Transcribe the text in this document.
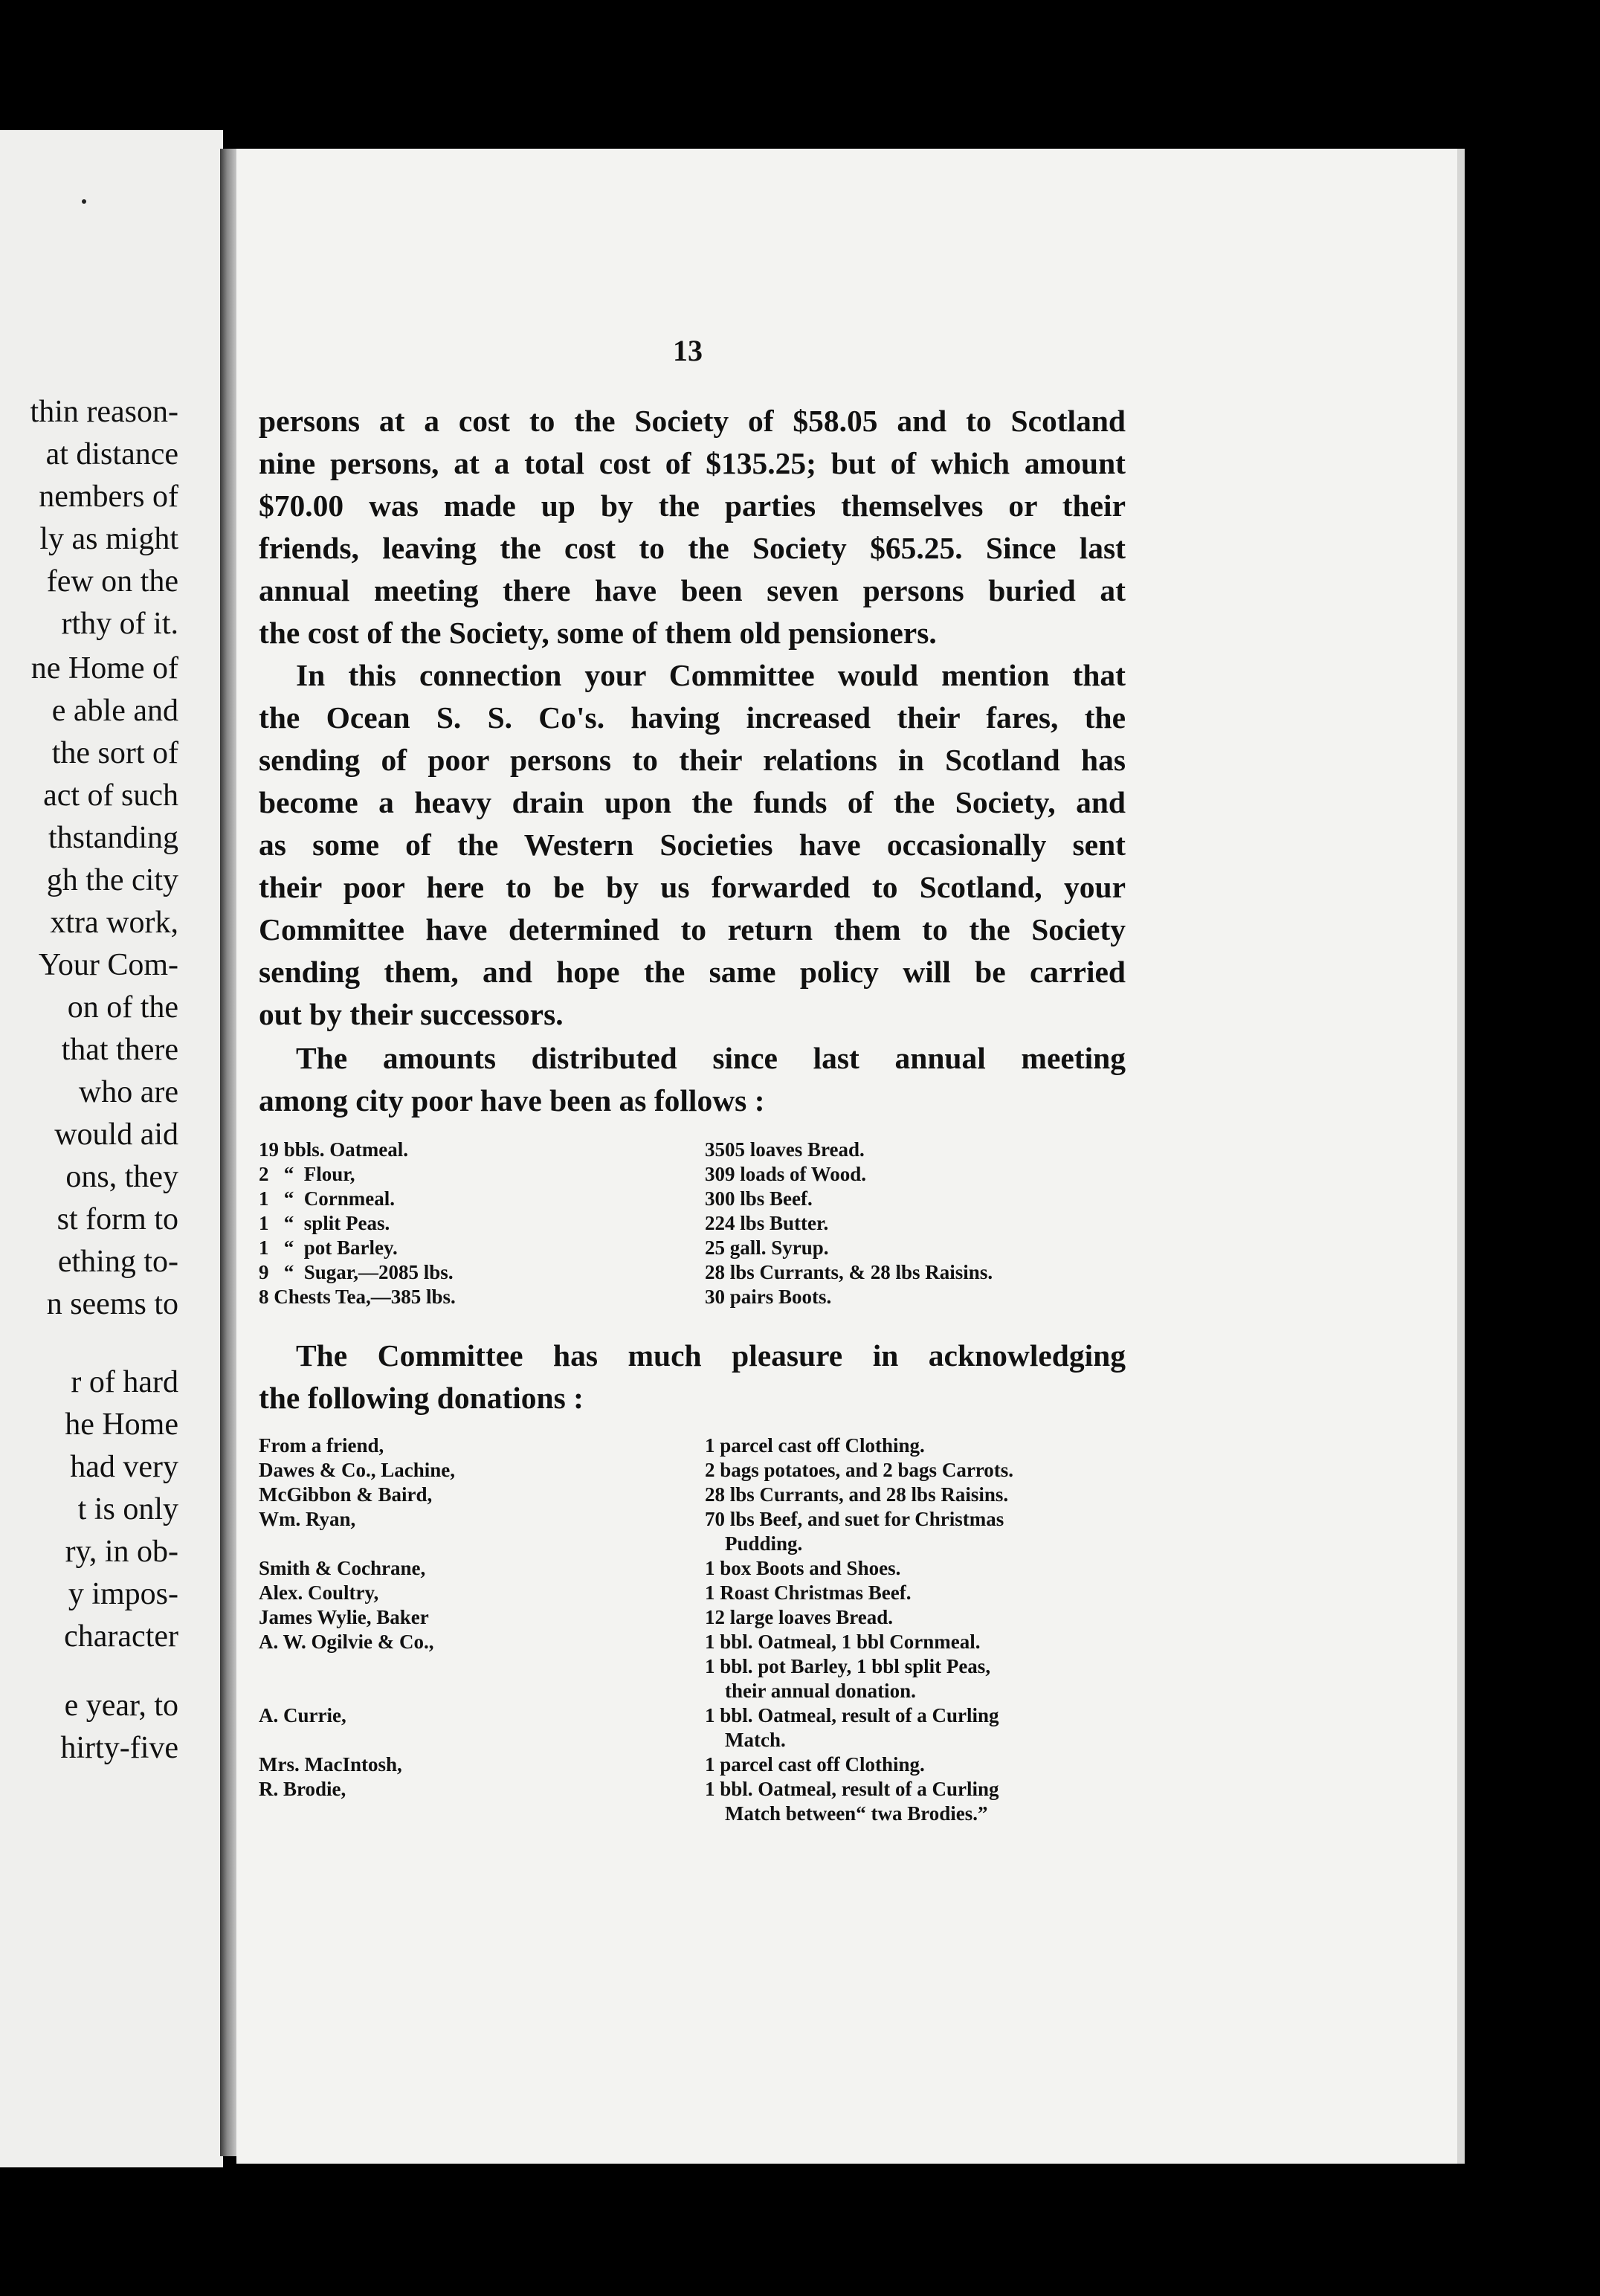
thin reason-
at distance
nembers of
ly as might
few on the
rthy of it.
ne Home of
e able and
the sort of
act of such
thstanding
gh the city
xtra work,
Your Com-
on of the
that there
who are
would aid
ons, they
st form to
ething to-
n seems to
r of hard
he Home
had very
t is only
ry, in ob-
y impos-
character
e year, to
hirty-five
13
persons at a cost to the Society of $58.05 and to Scotland
nine persons, at a total cost of $135.25; but of which amount
$70.00 was made up by the parties themselves or their
friends, leaving the cost to the Society $65.25. Since last
annual meeting there have been seven persons buried at
the cost of the Society, some of them old pensioners.
In this connection your Committee would mention that
the Ocean S. S. Co's. having increased their fares, the
sending of poor persons to their relations in Scotland has
become a heavy drain upon the funds of the Society, and
as some of the Western Societies have occasionally sent
their poor here to be by us forwarded to Scotland, your
Committee have determined to return them to the Society
sending them, and hope the same policy will be carried
out by their successors.
The amounts distributed since last annual meeting
among city poor have been as follows :
19 bbls. Oatmeal.	3505 loaves Bread.
2   “  Flour,	309 loads of Wood.
1   “  Cornmeal.	300 lbs Beef.
1   “  split Peas.	224 lbs Butter.
1   “  pot Barley.	25 gall. Syrup.
9   “  Sugar,—2085 lbs.	28 lbs Currants, & 28 lbs Raisins.
8 Chests Tea,—385 lbs.	30 pairs Boots.
The Committee has much pleasure in acknowledging
the following donations :
From a friend,	1 parcel cast off Clothing.
Dawes & Co., Lachine,	2 bags potatoes, and 2 bags Carrots.
McGibbon & Baird,	28 lbs Currants, and 28 lbs Raisins.
Wm. Ryan,	70 lbs Beef, and suet for Christmas
Pudding.
Smith & Cochrane,	1 box Boots and Shoes.
Alex. Coultry,	1 Roast Christmas Beef.
James Wylie, Baker	12 large loaves Bread.
A. W. Ogilvie & Co.,	1 bbl. Oatmeal, 1 bbl Cornmeal.
1 bbl. pot Barley, 1 bbl split Peas,
their annual donation.
A. Currie,	1 bbl. Oatmeal, result of a Curling
Match.
Mrs. MacIntosh,	1 parcel cast off Clothing.
R. Brodie,	1 bbl. Oatmeal, result of a Curling
Match between“ twa Brodies.”
